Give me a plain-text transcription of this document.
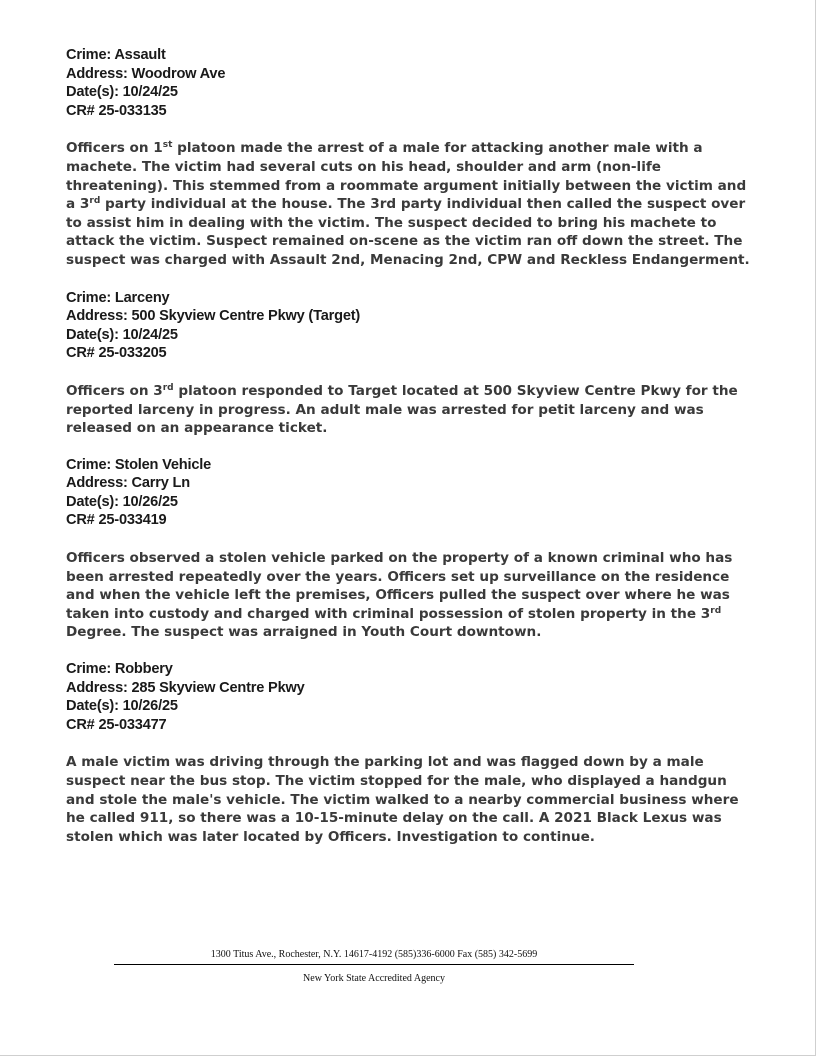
Crime: Assault
Address: Woodrow Ave
Date(s): 10/24/25
CR# 25-033135

Officers on 1st platoon made the arrest of a male for attacking another male with a machete. The victim had several cuts on his head, shoulder and arm (non-life threatening). This stemmed from a roommate argument initially between the victim and a 3rd party individual at the house. The 3rd party individual then called the suspect over to assist him in dealing with the victim. The suspect decided to bring his machete to attack the victim. Suspect remained on-scene as the victim ran off down the street. The suspect was charged with Assault 2nd, Menacing 2nd, CPW and Reckless Endangerment.

Crime: Larceny
Address: 500 Skyview Centre Pkwy (Target)
Date(s): 10/24/25
CR# 25-033205

Officers on 3rd platoon responded to Target located at 500 Skyview Centre Pkwy for the reported larceny in progress. An adult male was arrested for petit larceny and was released on an appearance ticket.

Crime: Stolen Vehicle
Address: Carry Ln
Date(s): 10/26/25
CR# 25-033419

Officers observed a stolen vehicle parked on the property of a known criminal who has been arrested repeatedly over the years. Officers set up surveillance on the residence and when the vehicle left the premises, Officers pulled the suspect over where he was taken into custody and charged with criminal possession of stolen property in the 3rd Degree. The suspect was arraigned in Youth Court downtown.

Crime: Robbery
Address: 285 Skyview Centre Pkwy
Date(s): 10/26/25
CR# 25-033477

A male victim was driving through the parking lot and was flagged down by a male suspect near the bus stop. The victim stopped for the male, who displayed a handgun and stole the male's vehicle. The victim walked to a nearby commercial business where he called 911, so there was a 10-15-minute delay on the call. A 2021 Black Lexus was stolen which was later located by Officers. Investigation to continue.

1300 Titus Ave., Rochester, N.Y. 14617-4192 (585)336-6000 Fax (585) 342-5699
New York State Accredited Agency
